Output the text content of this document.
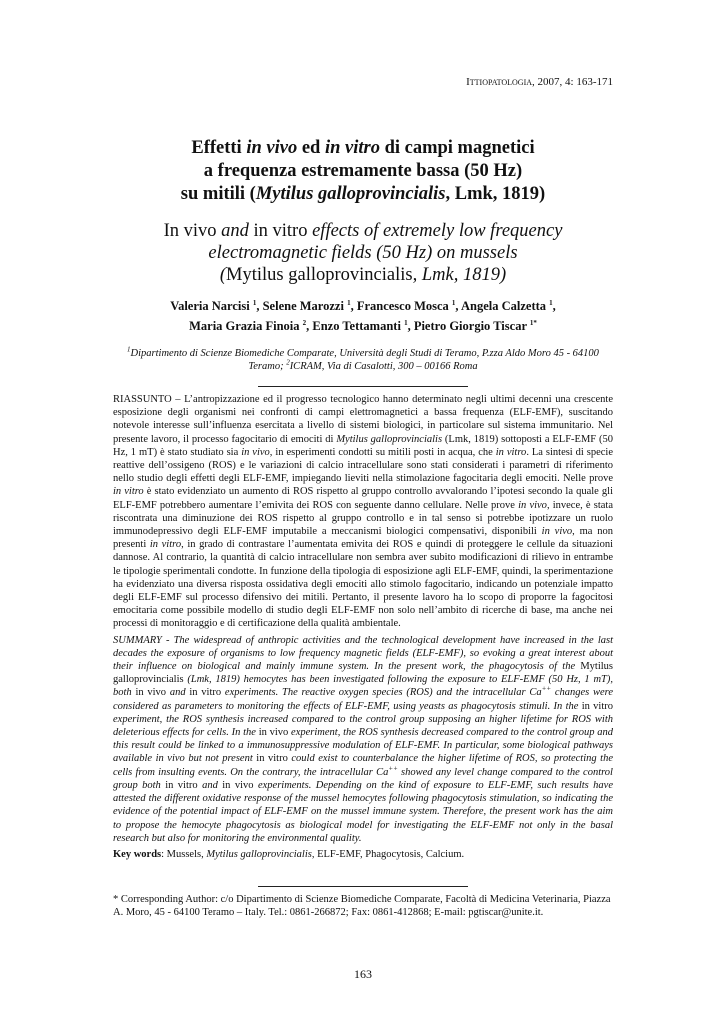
Ittiopatologia, 2007, 4: 163-171
Effetti in vivo ed in vitro di campi magnetici
a frequenza estremamente bassa (50 Hz)
su mitili (Mytilus galloprovincialis, Lmk, 1819)
In vivo and in vitro effects of extremely low frequency
electromagnetic fields (50 Hz) on mussels
(Mytilus galloprovincialis, Lmk, 1819)
Valeria Narcisi $^1$, Selene Marozzi $^1$, Francesco Mosca $^1$, Angela Calzetta $^1$,
Maria Grazia Finoia $^2$, Enzo Tettamanti $^1$, Pietro Giorgio Tiscar $^{1*}$
$^1$Dipartimento di Scienze Biomediche Comparate, Università degli Studi di Teramo, P.zza Aldo Moro 45 - 64100 Teramo; $^2$ICRAM, Via di Casalotti, 300 – 00166 Roma

RIASSUNTO – L’antropizzazione ed il progresso tecnologico hanno determinato negli ultimi decenni una crescente esposizione degli organismi nei confronti di campi elettromagnetici a bassa frequenza (ELF-EMF), suscitando notevole interesse sull’influenza esercitata a livello di sistemi biologici, in particolare sul sistema immunitario. Nel presente lavoro, il processo fagocitario di emociti di Mytilus galloprovincialis (Lmk, 1819) sottoposti a ELF-EMF (50 Hz, 1 mT) è stato studiato sia in vivo, in esperimenti condotti su mitili posti in acqua, che in vitro. La sintesi di specie reattive dell’ossigeno (ROS) e le variazioni di calcio intracellulare sono stati considerati i parametri di riferimento nello studio degli effetti degli ELF-EMF, impiegando lieviti nella stimolazione fagocitaria degli emociti. Nelle prove in vitro è stato evidenziato un aumento di ROS rispetto al gruppo controllo avvalorando l’ipotesi secondo la quale gli ELF-EMF potrebbero aumentare l’emivita dei ROS con seguente danno cellulare. Nelle prove in vivo, invece, è stata riscontrata una diminuzione dei ROS rispetto al gruppo controllo e in tal senso si potrebbe ipotizzare un ruolo immunodepressivo degli ELF-EMF imputabile a meccanismi biologici compensativi, disponibili in vivo, ma non presenti in vitro, in grado di contrastare l’aumentata emivita dei ROS e quindi di proteggere le cellule da situazioni dannose. Al contrario, la quantità di calcio intracellulare non sembra aver subito modificazioni di rilievo in entrambe le tipologie sperimentali condotte. In funzione della tipologia di esposizione agli ELF-EMF, quindi, la sperimentazione ha evidenziato una diversa risposta ossidativa degli emociti allo stimolo fagocitario, indicando un potenziale impatto degli ELF-EMF sul processo difensivo dei mitili. Pertanto, il presente lavoro ha lo scopo di proporre la fagocitosi emocitaria come possibile modello di studio degli ELF-EMF non solo nell’ambito di ricerche di base, ma anche nei processi di monitoraggio e di certificazione della qualità ambientale.

SUMMARY - The widespread of anthropic activities and the technological development have increased in the last decades the exposure of organisms to low frequency magnetic fields (ELF-EMF), so evoking a great interest about their influence on biological and mainly immune system. In the present work, the phagocytosis of the Mytilus galloprovincialis (Lmk, 1819) hemocytes has been investigated following the exposure to ELF-EMF (50 Hz, 1 mT), both in vivo and in vitro experiments. The reactive oxygen species (ROS) and the intracellular Ca++ changes were considered as parameters to monitoring the effects of ELF-EMF, using yeasts as phagocytosis stimuli. In the in vitro experiment, the ROS synthesis increased compared to the control group supposing an higher lifetime for ROS with deleterious effects for cells. In the in vivo experiment, the ROS synthesis decreased compared to the control group and this result could be linked to a immunosuppressive modulation of ELF-EMF. In particular, some biological pathways available in vivo but not present in vitro could exist to counterbalance the higher lifetime of ROS, so protecting the cells from insulting events. On the contrary, the intracellular Ca++ showed any level change compared to the control group both in vitro and in vivo experiments. Depending on the kind of exposure to ELF-EMF, such results have attested the different oxidative response of the mussel hemocytes following phagocytosis stimulation, so indicating the evidence of the potential impact of ELF-EMF on the mussel immune system. Therefore, the present work has the aim to propose the hemocyte phagocytosis as biological model for investigating the ELF-EMF not only in the basal research but also for monitoring the environmental quality.

Key words: Mussels, Mytilus galloprovincialis, ELF-EMF, Phagocytosis, Calcium.

* Corresponding Author: c/o Dipartimento di Scienze Biomediche Comparate, Facoltà di Medicina Veterinaria, Piazza A. Moro, 45 - 64100 Teramo – Italy. Tel.: 0861-266872; Fax: 0861-412868; E-mail: pgtiscar@unite.it.
163
